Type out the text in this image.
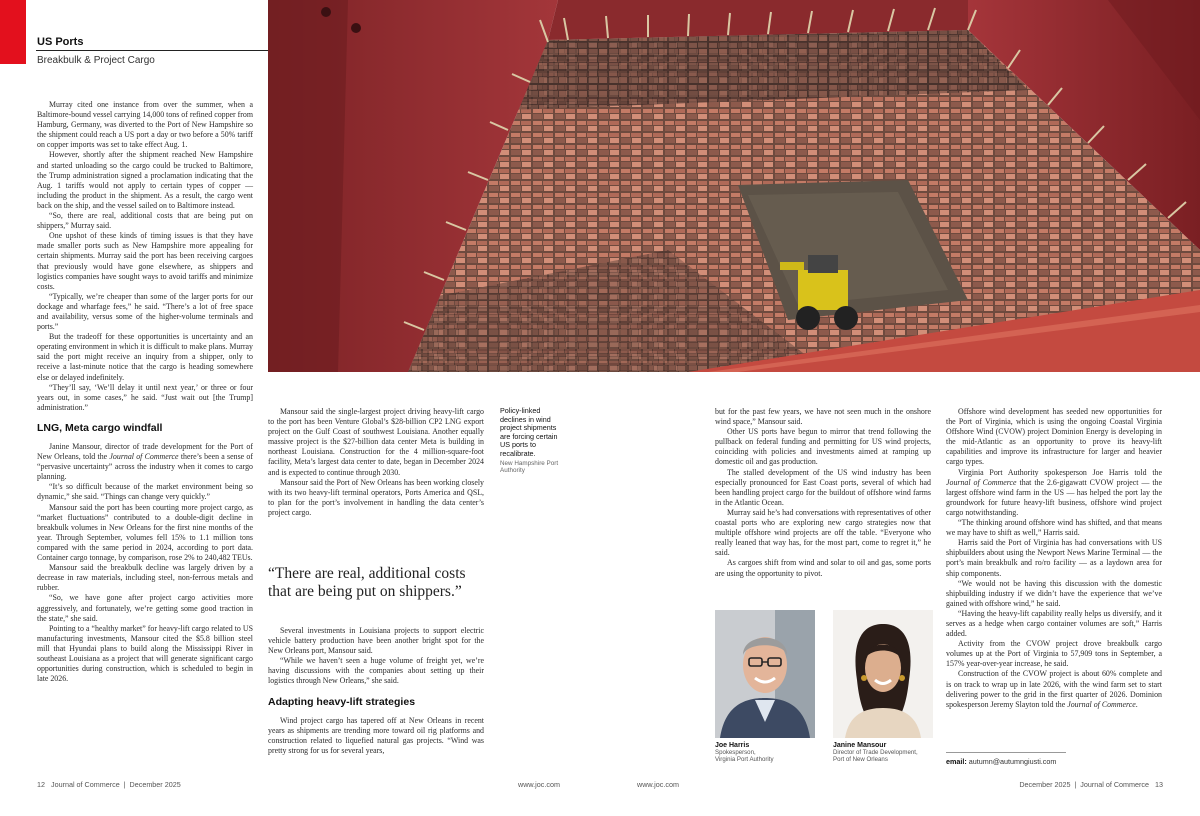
US Ports
Breakbulk & Project Cargo

Murray cited one instance from over the summer, when a Baltimore-bound vessel carrying 14,000 tons of refined copper from Hamburg, Germany, was diverted to the Port of New Hampshire so the shipment could reach a US port a day or two before a 50% tariff on copper imports was set to take effect Aug. 1.

However, shortly after the shipment reached New Hampshire and started unloading so the cargo could be trucked to Baltimore, the Trump administration signed a proclamation indicating that the Aug. 1 tariffs would not apply to certain types of copper — including the product in the shipment. As a result, the cargo went back on the ship, and the vessel sailed on to Baltimore instead.

“So, there are real, additional costs that are being put on shippers,” Murray said.

One upshot of these kinds of timing issues is that they have made smaller ports such as New Hampshire more appealing for certain shipments. Murray said the port has been receiving cargoes that previously would have gone elsewhere, as shippers and logistics companies have sought ways to avoid tariffs and minimize costs.

“Typically, we’re cheaper than some of the larger ports for our dockage and wharfage fees,” he said. “There’s a lot of free space and availability, versus some of the higher-volume terminals and ports.”

But the tradeoff for these opportunities is uncertainty and an operating environment in which it is difficult to make plans. Murray said the port might receive an inquiry from a shipper, only to receive a last-minute notice that the cargo is heading somewhere else or delayed indefinitely.

“They’ll say, ‘We’ll delay it until next year,’ or three or four years out, in some cases,” he said. “Just wait out [the Trump] administration.”

LNG, Meta cargo windfall

Janine Mansour, director of trade development for the Port of New Orleans, told the Journal of Commerce there’s been a sense of “pervasive uncertainty” across the industry when it comes to cargo planning.

“It’s so difficult because of the market environment being so dynamic,” she said. “Things can change very quickly.”

Mansour said the port has been courting more project cargo, as “market fluctuations” contributed to a double-digit decline in breakbulk volumes in New Orleans for the first nine months of the year. Through September, volumes fell 15% to 1.1 million tons compared with the same period in 2024, according to port data. Container cargo tonnage, by comparison, rose 2% to 240,482 TEUs.

Mansour said the breakbulk decline was largely driven by a decrease in raw materials, including steel, non-ferrous metals and rubber.

“So, we have gone after project cargo activities more aggressively, and fortunately, we’re getting some good traction in the state,” she said.

Pointing to a “healthy market” for heavy-lift cargo related to US manufacturing investments, Mansour cited the $5.8 billion steel mill that Hyundai plans to build along the Mississippi River in southeast Louisiana as a project that will generate significant cargo opportunities during construction, which is scheduled to begin in late 2026.

Mansour said the single-largest project driving heavy-lift cargo to the port has been Venture Global’s $28-billion CP2 LNG export project on the Gulf Coast of southwest Louisiana. Another equally massive project is the $27-billion data center Meta is building in northeast Louisiana. Construction for the 4 million-square-foot facility, Meta’s largest data center to date, began in December 2024 and is expected to continue through 2030.

Mansour said the Port of New Orleans has been working closely with its two heavy-lift terminal operators, Ports America and QSL, to plan for the port’s involvement in handling the data center’s project cargo.

“There are real, additional costs that are being put on shippers.”

Several investments in Louisiana projects to support electric vehicle battery production have been another bright spot for the New Orleans port, Mansour said.

“While we haven’t seen a huge volume of freight yet, we’re having discussions with the companies about setting up their logistics through New Orleans,” she said.

Adapting heavy-lift strategies

Wind project cargo has tapered off at New Orleans in recent years as shipments are trending more toward oil rig platforms and construction related to liquefied natural gas projects. “Wind was pretty strong for us for several years,

Policy-linked declines in wind project shipments are forcing certain US ports to recalibrate.
New Hampshire Port Authority

but for the past few years, we have not seen much in the onshore wind space,” Mansour said.

Other US ports have begun to mirror that trend following the pullback on federal funding and permitting for US wind projects, coinciding with policies and investments aimed at ramping up domestic oil and gas production.

The stalled development of the US wind industry has been especially pronounced for East Coast ports, several of which had been handling project cargo for the buildout of offshore wind farms in the Atlantic Ocean.

Murray said he’s had conversations with representatives of other coastal ports who are exploring new cargo strategies now that multiple offshore wind projects are off the table. “Everyone who really leaned that way has, for the most part, come to regret it,” he said.

As cargoes shift from wind and solar to oil and gas, some ports are using the opportunity to pivot.

Joe Harris
Spokesperson,
Virginia Port Authority
Janine Mansour
Director of Trade Development,
Port of New Orleans

Offshore wind development has seeded new opportunities for the Port of Virginia, which is using the ongoing Coastal Virginia Offshore Wind (CVOW) project Dominion Energy is developing in the mid-Atlantic as an opportunity to prove its heavy-lift capabilities and improve its infrastructure for larger and heavier cargo types.

Virginia Port Authority spokesperson Joe Harris told the Journal of Commerce that the 2.6-gigawatt CVOW project — the largest offshore wind farm in the US — has helped the port lay the groundwork for future heavy-lift business, offshore wind project cargo notwithstanding.

“The thinking around offshore wind has shifted, and that means we may have to shift as well,” Harris said.

Harris said the Port of Virginia has had conversations with US shipbuilders about using the Newport News Marine Terminal — the port’s main breakbulk and ro/ro facility — as a laydown area for ship components.

“We would not be having this discussion with the domestic shipbuilding industry if we didn’t have the experience that we’ve gained with offshore wind,” he said.

“Having the heavy-lift capability really helps us diversify, and it serves as a hedge when cargo container volumes are soft,” Harris added.

Activity from the CVOW project drove breakbulk cargo volumes up at the Port of Virginia to 57,909 tons in September, a 157% year-over-year increase, he said.

Construction of the CVOW project is about 60% complete and is on track to wrap up in late 2026, with the wind farm set to start delivering power to the grid in the first quarter of 2026. Dominion spokesperson Jeremy Slayton told the Journal of Commerce.

email: autumn@autumngiusti.com
12   Journal of Commerce  |  December 2025	www.joc.com	www.joc.com	December 2025  |  Journal of Commerce   13
